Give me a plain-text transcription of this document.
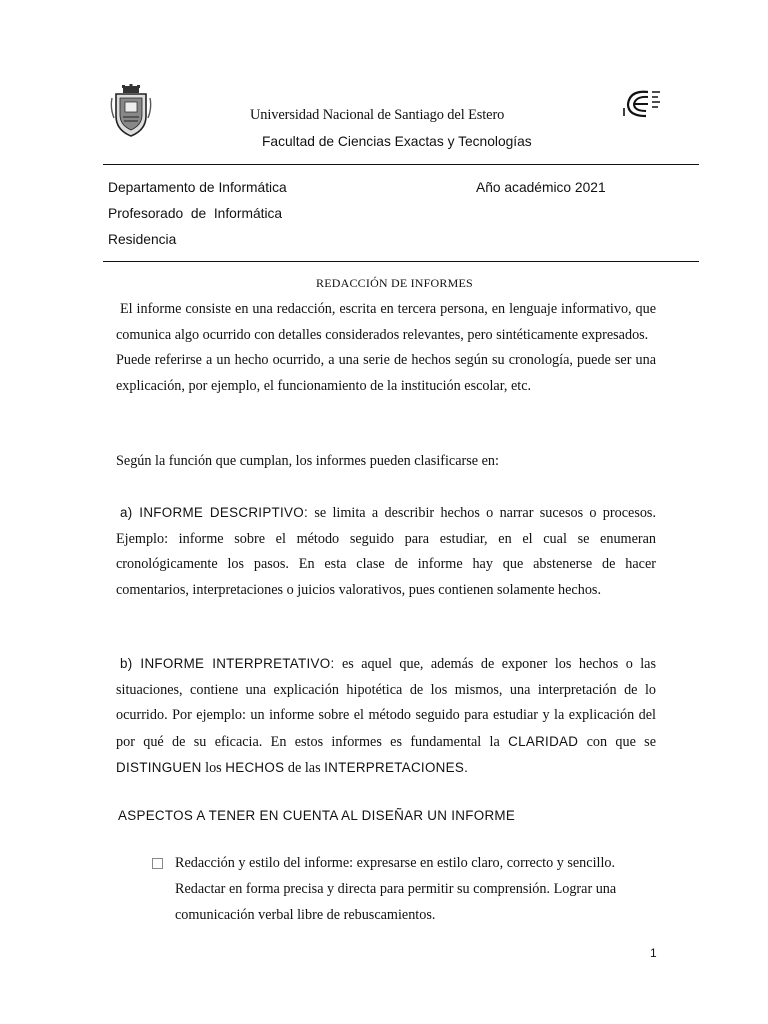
Universidad Nacional de Santiago del Estero
Facultad de Ciencias Exactas y Tecnologías
Departamento de Informática	Año académico 2021
Profesorado  de  Informática
Residencia
REDACCIÓN DE INFORMES

El informe consiste en una redacción, escrita en tercera persona, en lenguaje informativo, que comunica algo ocurrido con detalles considerados relevantes, pero sintéticamente expresados.

Puede referirse a un hecho ocurrido, a una serie de hechos según su cronología, puede ser una explicación, por ejemplo, el funcionamiento de la institución escolar, etc.

Según la función que cumplan, los informes pueden clasificarse en:

a) INFORME DESCRIPTIVO: se limita a describir hechos o narrar sucesos o procesos. Ejemplo: informe sobre el método seguido para estudiar, en el cual se enumeran cronológicamente los pasos. En esta clase de informe hay que abstenerse de hacer comentarios, interpretaciones o juicios valorativos, pues contienen solamente hechos.

b) INFORME INTERPRETATIVO: es aquel que, además de exponer los hechos o las situaciones, contiene una explicación hipotética de los mismos, una interpretación de lo ocurrido. Por ejemplo: un informe sobre el método seguido para estudiar y la explicación del por qué de su eficacia. En estos informes es fundamental la CLARIDAD con que se DISTINGUEN los HECHOS de las INTERPRETACIONES.

ASPECTOS A TENER EN CUENTA AL DISEÑAR UN INFORME
Redacción y estilo del informe: expresarse en estilo claro, correcto y sencillo. Redactar en forma precisa y directa para permitir su comprensión. Lograr una comunicación verbal libre de rebuscamientos.
1
